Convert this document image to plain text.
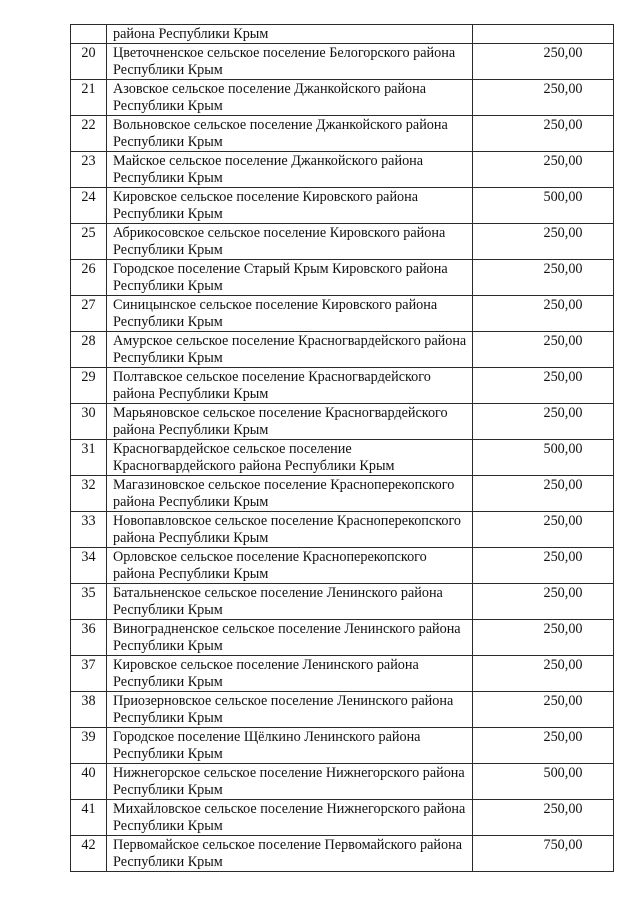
	района Республики Крым	
20	Цветочненское сельское поселение Белогорского района Республики Крым	250,00
21	Азовское сельское поселение Джанкойского района Республики Крым	250,00
22	Вольновское сельское поселение Джанкойского района Республики Крым	250,00
23	Майское сельское поселение Джанкойского района Республики Крым	250,00
24	Кировское сельское поселение Кировского района Республики Крым	500,00
25	Абрикосовское сельское поселение Кировского района Республики Крым	250,00
26	Городское поселение Старый Крым Кировского района Республики Крым	250,00
27	Синицынское сельское поселение Кировского района Республики Крым	250,00
28	Амурское сельское поселение Красногвардейского района Республики Крым	250,00
29	Полтавское сельское поселение Красногвардейского района Республики Крым	250,00
30	Марьяновское сельское поселение Красногвардейского района Республики Крым	250,00
31	Красногвардейское сельское поселение Красногвардейского района Республики Крым	500,00
32	Магазиновское сельское поселение Красноперекопского района Республики Крым	250,00
33	Новопавловское сельское поселение Красноперекопского района Республики Крым	250,00
34	Орловское сельское поселение Красноперекопского района Республики Крым	250,00
35	Батальненское сельское поселение Ленинского района Республики Крым	250,00
36	Виноградненское сельское поселение Ленинского района Республики Крым	250,00
37	Кировское сельское поселение Ленинского района Республики Крым	250,00
38	Приозерновское сельское поселение Ленинского района Республики Крым	250,00
39	Городское поселение Щёлкино Ленинского района Республики Крым	250,00
40	Нижнегорское сельское поселение Нижнегорского района Республики Крым	500,00
41	Михайловское сельское поселение Нижнегорского района Республики Крым	250,00
42	Первомайское сельское поселение Первомайского района Республики Крым	750,00
